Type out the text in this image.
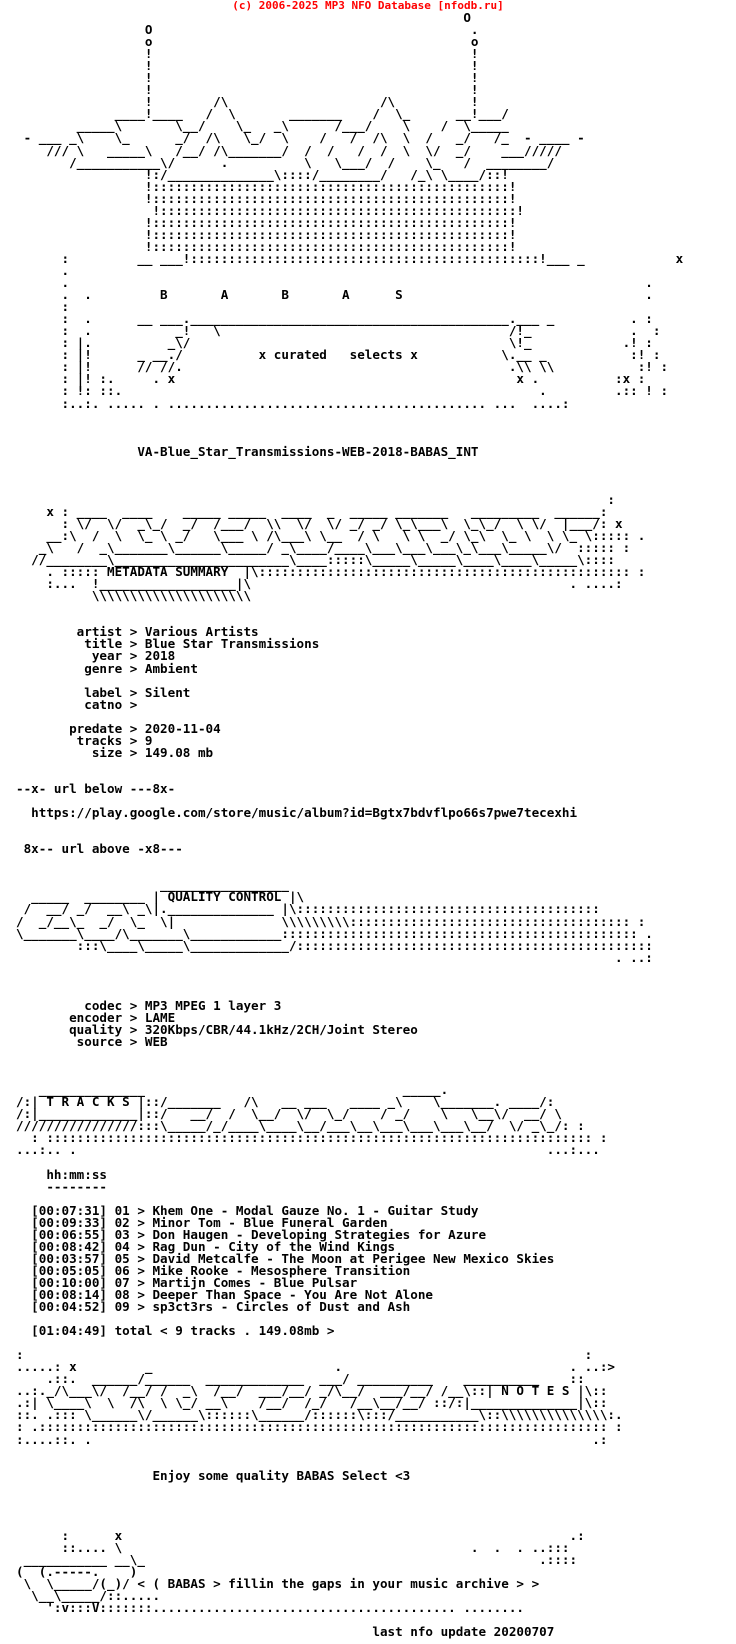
(c) 2006-2025 MP3 NFO Database [nfodb.ru]
O
O                                          .
o                                          o
!                                          !
!                                          !
!                                          !
!                                          !
!        /\                    /\          !
____!____   /  \       _______    /  \_      __!___/
_____\       \__/    \_   _\      /___/    \    /  \_____
- ___ _\    \_      _/  /\   \_/  \    /   /  /\  \  /   _/   /_  - ____ -
/// \   _____\   /__/ /\_______/  /  /   /  /  \  \/  _/    ___/////
/___________\/      .          \   \___/  /    \_   /  ________/
!:/______________\::::/________/   /_\ \____/::!
!:::::::::::::::::::::::::::::::::::::::::::::::!
!:::::::::::::::::::::::::::::::::::::::::::::::!
!:::::::::::::::::::::::::::::::::::::::::::::::!
!:::::::::::::::::::::::::::::::::::::::::::::::!
!:::::::::::::::::::::::::::::::::::::::::::::::!
!:::::::::::::::::::::::::::::::::::::::::::::::!
:         __ ___!::::::::::::::::::::::::::::::::::::::::::::::!___ _            x
.
.                                                                            .
.  .         B       A       B       A      S                                .
:
:  .      __ ___.__________________________________________.___ _          . :
:  .           _!   \                                      /!_             .  :
: |.          _\/                                          \!_            .! :
: |!      _ __./          x curated   selects x           \.__ _           :! :
: |!      // //.                                           .\\ \\           :! :
: |! :.     . x                                             x .          :x :
: !: ::.                                                       .         .:: ! :
:..:. ..... . .......................................... ...  ....:

VA-Blue_Star_Transmissions-WEB-2018-BABAS_INT

:
x : ____  ____    _____ _____  ____  _  _____ _______   _________  ______:
: \/  \/  _\_/  _/  /___/  \\  \/  \/ _/ _/ \_\___\  \_\_/  \ \/  |___/: x
__:\  /  \  \_ \ _/   \___ \ /\___\ \__  / \   \ \  _/ \_\  \_ \  \ \_ \::::: .
_\   /  _\_______\______\_____/ _\____/____\___\___\___\_\___\_____\/  ::::: :
//________\_______________________\____:::::\_____\_____\____\____\_____\::::
. ::::: METADATA SUMMARY  |\::::::::::::::::::::::::::::::::::::::::::::::::: :
:...  !__________________|\                                          . ....:
\\\\\\\\\\\\\\\\\\\\\

artist > Various Artists
title > Blue Star Transmissions
year > 2018
genre > Ambient

label > Silent
catno >

predate > 2020-11-04
tracks > 9
size > 149.08 mb

--x- url below ---8x-

https://play.google.com/store/music/album?id=Bgtx7bdvflpo66s7pwe7tecexhi

8x-- url above -x8---

_________________
_____  ________ | QUALITY CONTROL |\
/  __/ _/  __\ _\|.______________ |\::::::::::::::::::::::::::::::::::::::::
/  _/__\_  _/  \_  \|              \\\\\\\\\::::::::::::::::::::::::::::::::::::: :
\_______\____/\_______\____________::::::::::::::::::::::::::::::::::::::::::::::: .
:::\____\_____\_____________/:::::::::::::::::::::::::::::::::::::::::::::::
. ..:

codec > MP3 MPEG 1 layer 3
encoder > LAME
quality > 320Kbps/CBR/44.1kHz/2CH/Joint Stereo
source > WEB

______________                                  _____.
/:| T R A C K S |::/_______   /\   __ ___   ____ _\    \_______. ____/:
/:|_____________|::/   __/  /  \__/  \/  \_/    / _/    \   \__\/  __/ \
////////////////:::\_____/_/____\____\__/___\__\___\___\___\__/  \/ _\_/: :
: :::::::::::::::::::::::::::::::::::::::::::::::::::::::::::::::::::::::: :
...:.. .                                                              ...:...

hh:mm:ss
--------

[00:07:31] 01 > Khem One - Modal Gauze No. 1 - Guitar Study
[00:09:33] 02 > Minor Tom - Blue Funeral Garden
[00:06:55] 03 > Don Haugen - Developing Strategies for Azure
[00:08:42] 04 > Rag Dun - City of the Wind Kings
[00:03:57] 05 > David Metcalfe - The Moon at Perigee New Mexico Skies
[00:05:05] 06 > Mike Rooke - Mesosphere Transition
[00:10:00] 07 > Martijn Comes - Blue Pulsar
[00:08:14] 08 > Deeper Than Space - You Are Not Alone
[00:04:52] 09 > sp3ct3rs - Circles of Dust and Ash

[01:04:49] total < 9 tracks . 149.08mb >

:                                                                          :
.....: x         _                        .                              . ..:>
.::.  ______/______  _____________  ___/ __________    __________    ::
..:._/\___\/  /__/ /  _\  /__/  ___/__/ _/\__/  ___/__/ /__\::| N O T E S |\::
.:| \____\  \  /\  \ \_/ __\    /__/  /_/   /__\__/__/ ::/:|______________|\::
::. .::: \______\/______\::::::\______/::::::\:::/___________\::\\\\\\\\\\\\\\:.
: .::::::::::::::::::::::::::::::::::::::::::::::::::::::::::::::::::::::::::: :
:....::. .                                                                  .:

Enjoy some quality BABAS Select <3

:      x                                                           .:
::.... \                                              .  .  . ..:::
___________ __\_                                                    .::::
(  (.-----.    )
\  \_____/(_)/ < ( BABAS > fillin the gaps in your music archive > >
\__\_____/::.....
':v:::V:::::::........................................ ........

last nfo update 20200707
